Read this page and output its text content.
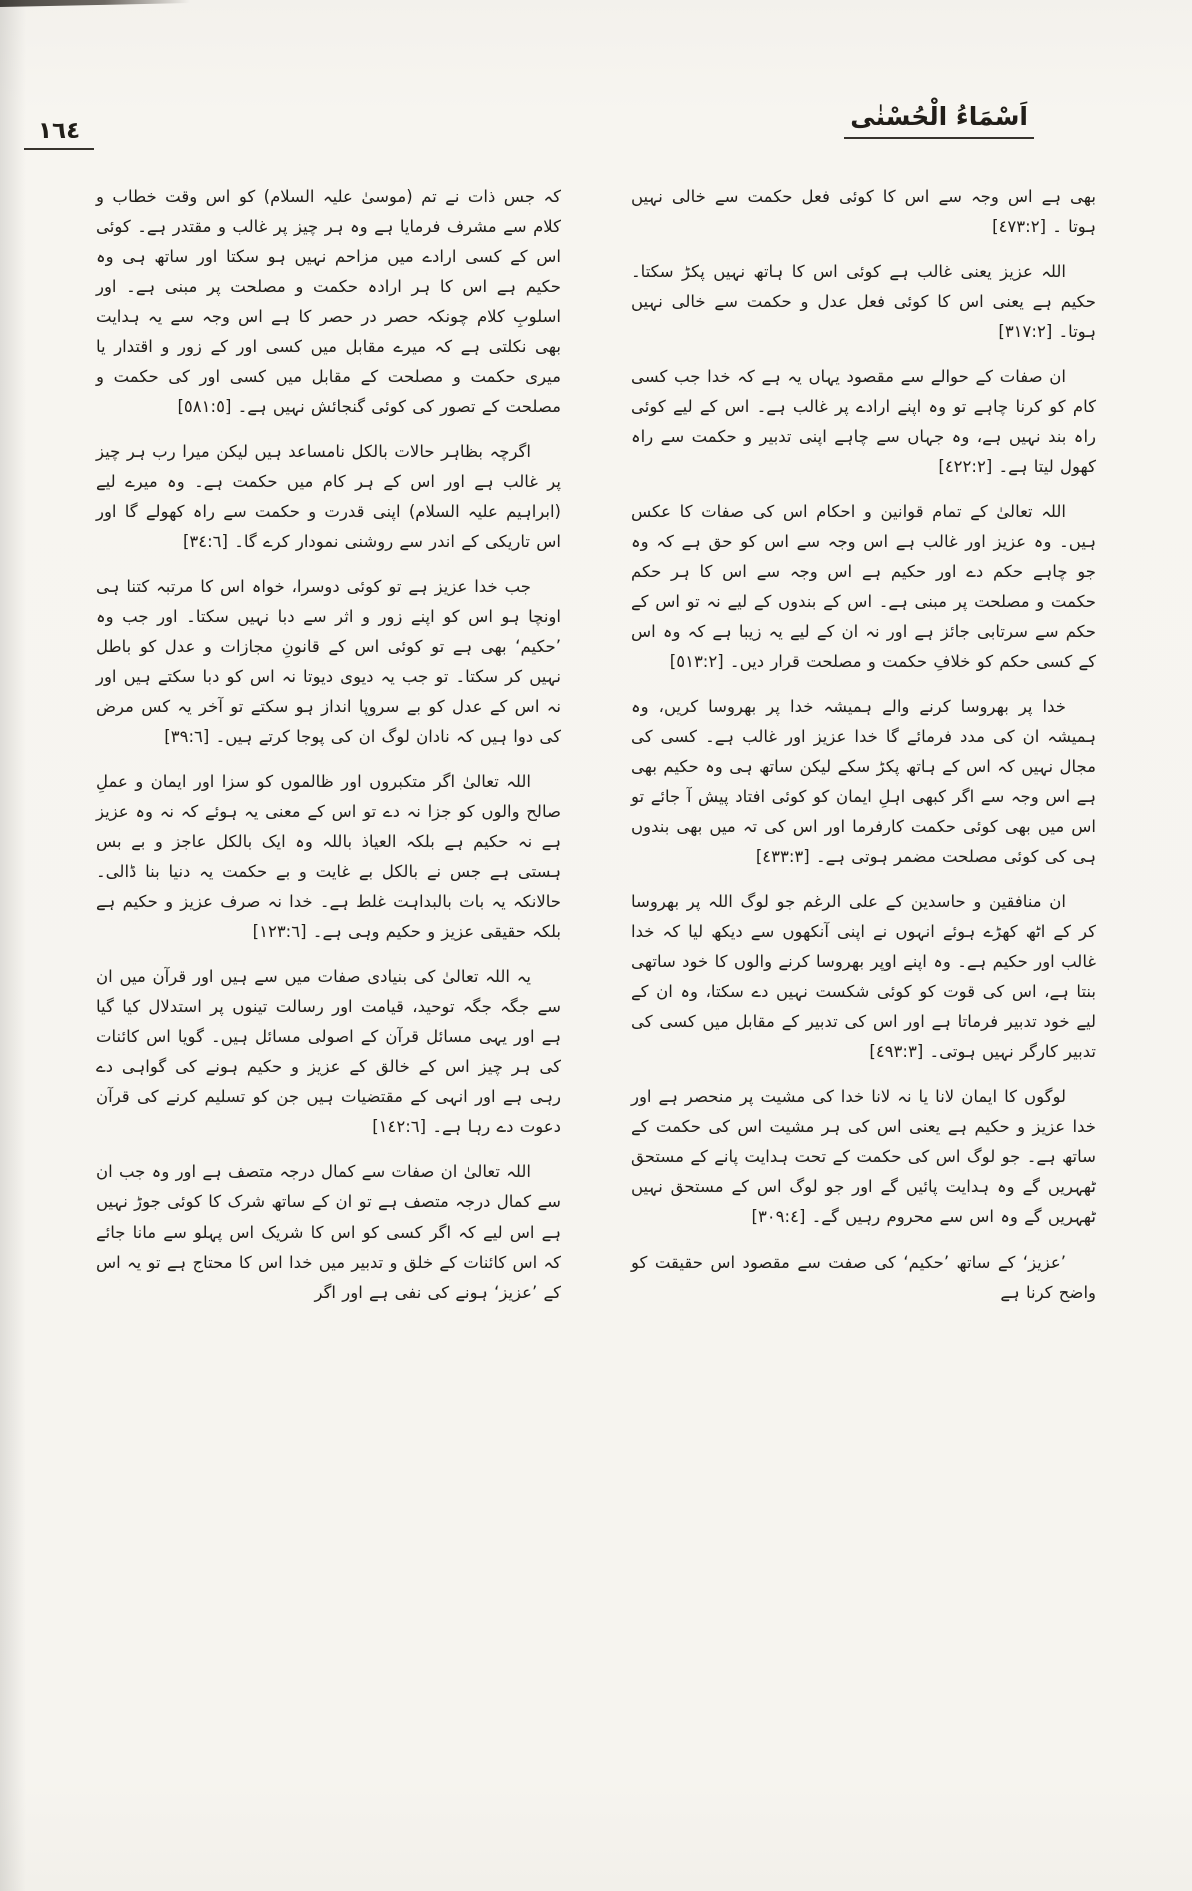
اَسْمَاءُ الْحُسْنٰی
١٦٤

بھی ہے اس وجہ سے اس کا کوئی فعل حکمت سے خالی نہیں ہوتا ۔ [٤٧٣:٢]

اللہ عزیز یعنی غالب ہے کوئی اس کا ہاتھ نہیں پکڑ سکتا۔ حکیم ہے یعنی اس کا کوئی فعل عدل و حکمت سے خالی نہیں ہوتا۔ [٣١٧:٢]

ان صفات کے حوالے سے مقصود یہاں یہ ہے کہ خدا جب کسی کام کو کرنا چاہے تو وہ اپنے ارادے پر غالب ہے۔ اس کے لیے کوئی راہ بند نہیں ہے، وہ جہاں سے چاہے اپنی تدبیر و حکمت سے راہ کھول لیتا ہے۔ [٤٢٢:٢]

اللہ تعالیٰ کے تمام قوانین و احکام اس کی صفات کا عکس ہیں۔ وہ عزیز اور غالب ہے اس وجہ سے اس کو حق ہے کہ وہ جو چاہے حکم دے اور حکیم ہے اس وجہ سے اس کا ہر حکم حکمت و مصلحت پر مبنی ہے۔ اس کے بندوں کے لیے نہ تو اس کے حکم سے سرتابی جائز ہے اور نہ ان کے لیے یہ زیبا ہے کہ وہ اس کے کسی حکم کو خلافِ حکمت و مصلحت قرار دیں۔ [٥١٣:٢]

خدا پر بھروسا کرنے والے ہمیشہ خدا پر بھروسا کریں، وہ ہمیشہ ان کی مدد فرمائے گا خدا عزیز اور غالب ہے۔ کسی کی مجال نہیں کہ اس کے ہاتھ پکڑ سکے لیکن ساتھ ہی وہ حکیم بھی ہے اس وجہ سے اگر کبھی اہلِ ایمان کو کوئی افتاد پیش آ جائے تو اس میں بھی کوئی حکمت کارفرما اور اس کی تہ میں بھی بندوں ہی کی کوئی مصلحت مضمر ہوتی ہے۔ [٤٣٣:٣]

ان منافقین و حاسدین کے علی الرغم جو لوگ اللہ پر بھروسا کر کے اٹھ کھڑے ہوئے انہوں نے اپنی آنکھوں سے دیکھ لیا کہ خدا غالب اور حکیم ہے۔ وہ اپنے اوپر بھروسا کرنے والوں کا خود ساتھی بنتا ہے، اس کی قوت کو کوئی شکست نہیں دے سکتا، وہ ان کے لیے خود تدبیر فرماتا ہے اور اس کی تدبیر کے مقابل میں کسی کی تدبیر کارگر نہیں ہوتی۔ [٤٩٣:٣]

لوگوں کا ایمان لانا یا نہ لانا خدا کی مشیت پر منحصر ہے اور خدا عزیز و حکیم ہے یعنی اس کی ہر مشیت اس کی حکمت کے ساتھ ہے۔ جو لوگ اس کی حکمت کے تحت ہدایت پانے کے مستحق ٹھہریں گے وہ ہدایت پائیں گے اور جو لوگ اس کے مستحق نہیں ٹھہریں گے وہ اس سے محروم رہیں گے۔ [٣٠٩:٤]

’عزیز‘ کے ساتھ ’حکیم‘ کی صفت سے مقصود اس حقیقت کو واضح کرنا ہے

کہ جس ذات نے تم (موسیٰ علیہ السلام) کو اس وقت خطاب و کلام سے مشرف فرمایا ہے وہ ہر چیز پر غالب و مقتدر ہے۔ کوئی اس کے کسی ارادے میں مزاحم نہیں ہو سکتا اور ساتھ ہی وہ حکیم ہے اس کا ہر ارادہ حکمت و مصلحت پر مبنی ہے۔ اور اسلوبِ کلام چونکہ حصر در حصر کا ہے اس وجہ سے یہ ہدایت بھی نکلتی ہے کہ میرے مقابل میں کسی اور کے زور و اقتدار یا میری حکمت و مصلحت کے مقابل میں کسی اور کی حکمت و مصلحت کے تصور کی کوئی گنجائش نہیں ہے۔ [٥٨١:٥]

اگرچہ بظاہر حالات بالکل نامساعد ہیں لیکن میرا رب ہر چیز پر غالب ہے اور اس کے ہر کام میں حکمت ہے۔ وہ میرے لیے (ابراہیم علیہ السلام) اپنی قدرت و حکمت سے راہ کھولے گا اور اس تاریکی کے اندر سے روشنی نمودار کرے گا۔ [٣٤:٦]

جب خدا عزیز ہے تو کوئی دوسرا، خواہ اس کا مرتبہ کتنا ہی اونچا ہو اس کو اپنے زور و اثر سے دبا نہیں سکتا۔ اور جب وہ ’حکیم‘ بھی ہے تو کوئی اس کے قانونِ مجازات و عدل کو باطل نہیں کر سکتا۔ تو جب یہ دیوی دیوتا نہ اس کو دبا سکتے ہیں اور نہ اس کے عدل کو بے سروپا انداز ہو سکتے تو آخر یہ کس مرض کی دوا ہیں کہ نادان لوگ ان کی پوجا کرتے ہیں۔ [٣٩:٦]

اللہ تعالیٰ اگر متکبروں اور ظالموں کو سزا اور ایمان و عملِ صالح والوں کو جزا نہ دے تو اس کے معنی یہ ہوئے کہ نہ وہ عزیز ہے نہ حکیم ہے بلکہ العیاذ باللہ وہ ایک بالکل عاجز و بے بس ہستی ہے جس نے بالکل بے غایت و بے حکمت یہ دنیا بنا ڈالی۔ حالانکہ یہ بات بالبداہت غلط ہے۔ خدا نہ صرف عزیز و حکیم ہے بلکہ حقیقی عزیز و حکیم وہی ہے۔ [١٢٣:٦]

یہ اللہ تعالیٰ کی بنیادی صفات میں سے ہیں اور قرآن میں ان سے جگہ جگہ توحید، قیامت اور رسالت تینوں پر استدلال کیا گیا ہے اور یہی مسائل قرآن کے اصولی مسائل ہیں۔ گویا اس کائنات کی ہر چیز اس کے خالق کے عزیز و حکیم ہونے کی گواہی دے رہی ہے اور انہی کے مقتضیات ہیں جن کو تسلیم کرنے کی قرآن دعوت دے رہا ہے۔ [١٤٢:٦]

اللہ تعالیٰ ان صفات سے کمال درجہ متصف ہے اور وہ جب ان سے کمال درجہ متصف ہے تو ان کے ساتھ شرک کا کوئی جوڑ نہیں ہے اس لیے کہ اگر کسی کو اس کا شریک اس پہلو سے مانا جائے کہ اس کائنات کے خلق و تدبیر میں خدا اس کا محتاج ہے تو یہ اس کے ’عزیز‘ ہونے کی نفی ہے اور اگر
